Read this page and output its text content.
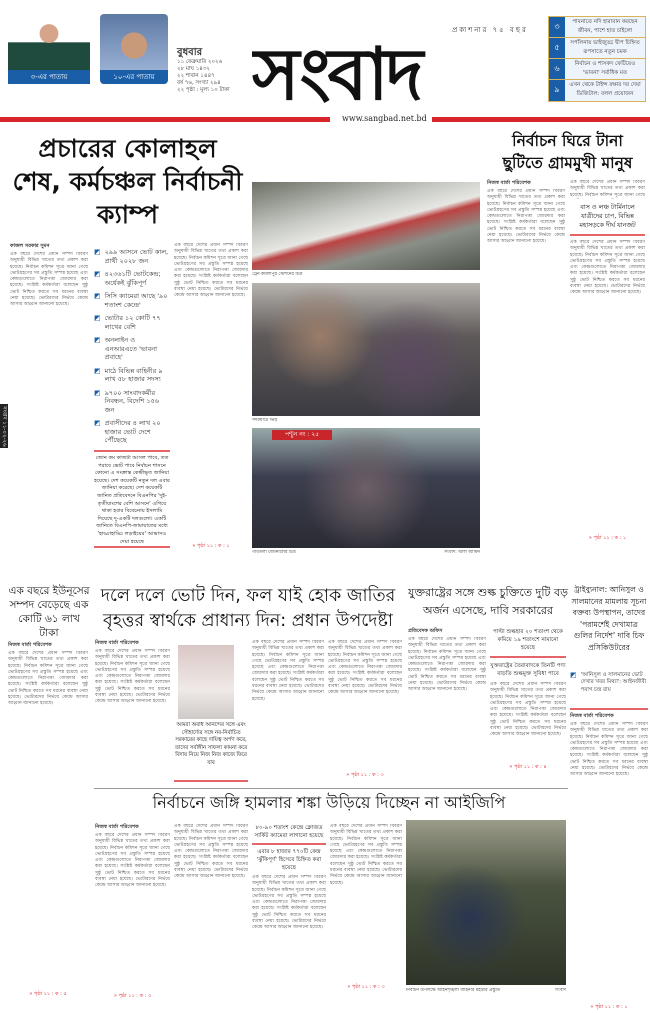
৩-এর পাতায়	১০-এর পাতায়
বুধবার
১১ ফেব্রুয়ারি ২০২৬
২৮ মাঘ ১৪৩২
২২ শাবান ১৪৪৭
বর্ষ ৭৬, সংখ্যা ২৯৪
২২ পৃষ্ঠা : মূল্য ১০ টাকা
প্রকাশনার ৭৫ বছর
সংবাদ
৩	পাবনাতে নদি হারাবান করছেন জীবন, পাশে হাত চাইলো
৫	সর্পলিনায় ভাইজুড্ড দ্বীপ চিহ্নিত রূপসাতে নতুন চমক
৬	নির্বাচন ও শাসকদ ফেটিয়েও 'ভাবনা' সর্বাধিক মত
৯	এখন থেকে টাইন্স রক্ষার দর দেয়া ডিজিটাল: বলল প্রয়োজন
www.sangbad.net.bd
প্রচারের কোলাহল শেষ, কর্মচঞ্চল নির্বাচনী ক্যাম্প
কাজল সরকার সুমন
এক বছরে দেশের প্রধান সম্পদ বিবরণ অনুযায়ী বিভিন্ন খাতের তথ্য প্রকাশ করা হয়েছে। নির্বাচন কমিশন সূত্রে জানা গেছে ভোটগ্রহণের সব প্রস্তুতি সম্পন্ন হয়েছে এবং কেন্দ্রগুলোতে নিরাপত্তা জোরদার করা হয়েছে। সংশ্লিষ্ট কর্মকর্তারা বলেছেন সুষ্ঠু ভোট নিশ্চিত করতে সব ধরনের ব্যবস্থা নেয়া হয়েছে। ভোটারদের নির্ভয়ে কেন্দ্রে আসার আহ্বান জানানো হয়েছে।
সংবাদ ১১-০২-২৬
◩ ২৯৯ আসনে ভোট কাল, প্রার্থী ২০২৮ জন
◩ ৪২৩৬১টি ভোটকেন্দ্র; অর্ধেকই ঝুঁকিপূর্ণ
◩ সিসি ক্যামেরা আছে '৯০ শতাংশ কেন্দ্রে'
◩ ভোটার ১২ কোটি ৭৭ লাখের বেশি
◩ অনলাইন ও এনআরএতে 'ভাবনা প্রবাহে'
◩ মাঠে বিভিন্ন বাহিনীর ৯ লাখ ৫৮ হাজার সদস্য
◩ ৯৭০০ সাংবাদকর্মীর নিবন্ধন, বিদেশি ১৫৬ জন
◩ প্রবাসীদের ৪ লাখ ২০ হাজার ভোট দেশে পৌঁছেছে
জোন কম কাজটা আসল পাবে, তত পরাবে ভোট পাবে নির্বাচন শাসনে কোনো এ সংক্রান্ত কেন্দ্রীভূত জানিয়া হয়েছে। দেশ কয়েকটি নতুন দল এবার জানিয়া করেছে। দেশ কয়েকটি জানিত প্রতিবেদনে বিএনপির 'দুই-তৃতীয়াংশের বেশি আসনে' এগিয়ে থাকা হবার বিবেচনায় ইসলামি দিয়েছে দু-একটি দলগুলো। একটি জানিতে বিএনপি-জামায়াতের মধ্যে 'হাড্ডাহাড্ডি লড়াইয়ের' আভাসও দেয়া হয়েছে
এক বছরে দেশের প্রধান সম্পদ বিবরণ অনুযায়ী বিভিন্ন খাতের তথ্য প্রকাশ করা হয়েছে। নির্বাচন কমিশন সূত্রে জানা গেছে ভোটগ্রহণের সব প্রস্তুতি সম্পন্ন হয়েছে এবং কেন্দ্রগুলোতে নিরাপত্তা জোরদার করা হয়েছে। সংশ্লিষ্ট কর্মকর্তারা বলেছেন সুষ্ঠু ভোট নিশ্চিত করতে সব ধরনের ব্যবস্থা নেয়া হয়েছে। ভোটারদের নির্ভয়ে কেন্দ্রে আসার আহ্বান জানানো হয়েছে।
» পৃষ্ঠা ১১ : ক : ১
ট্রেন কমলাপুর স্টেশনের চিত্র
সদরঘাটে ভিড়
পন্টুন নং : ২৫
গাবতলী টার্মিনালের চিত্র	সংবাদ: আল আমিন
নির্বাচন ঘিরে টানা ছুটিতে গ্রামমুখী মানুষ
নিজস্ব বার্তা পরিবেশক
এক বছরে দেশের প্রধান সম্পদ বিবরণ অনুযায়ী বিভিন্ন খাতের তথ্য প্রকাশ করা হয়েছে। নির্বাচন কমিশন সূত্রে জানা গেছে ভোটগ্রহণের সব প্রস্তুতি সম্পন্ন হয়েছে এবং কেন্দ্রগুলোতে নিরাপত্তা জোরদার করা হয়েছে। সংশ্লিষ্ট কর্মকর্তারা বলেছেন সুষ্ঠু ভোট নিশ্চিত করতে সব ধরনের ব্যবস্থা নেয়া হয়েছে। ভোটারদের নির্ভয়ে কেন্দ্রে আসার আহ্বান জানানো হয়েছে।
এক বছরে দেশের প্রধান সম্পদ বিবরণ অনুযায়ী বিভিন্ন খাতের তথ্য প্রকাশ করা হয়েছে। নির্বাচন কমিশন সূত্রে জানা গেছে
বাস ও লঞ্চ টার্মিনালে যাত্রীদের চাপ, বিভিন্ন মহাসড়কে দীর্ঘ যানজট
এক বছরে দেশের প্রধান সম্পদ বিবরণ অনুযায়ী বিভিন্ন খাতের তথ্য প্রকাশ করা হয়েছে। নির্বাচন কমিশন সূত্রে জানা গেছে ভোটগ্রহণের সব প্রস্তুতি সম্পন্ন হয়েছে এবং কেন্দ্রগুলোতে নিরাপত্তা জোরদার করা হয়েছে। সংশ্লিষ্ট কর্মকর্তারা বলেছেন সুষ্ঠু ভোট নিশ্চিত করতে সব ধরনের ব্যবস্থা নেয়া হয়েছে। ভোটারদের নির্ভয়ে কেন্দ্রে আসার আহ্বান জানানো হয়েছে।
» পৃষ্ঠা ১১ : ক : ১
এক বছরে ইউনূসের সম্পদ বেড়েছে এক কোটি ৬১ লাখ টাকা
নিজস্ব বার্তা পরিবেশক
এক বছরে দেশের প্রধান সম্পদ বিবরণ অনুযায়ী বিভিন্ন খাতের তথ্য প্রকাশ করা হয়েছে। নির্বাচন কমিশন সূত্রে জানা গেছে ভোটগ্রহণের সব প্রস্তুতি সম্পন্ন হয়েছে এবং কেন্দ্রগুলোতে নিরাপত্তা জোরদার করা হয়েছে। সংশ্লিষ্ট কর্মকর্তারা বলেছেন সুষ্ঠু ভোট নিশ্চিত করতে সব ধরনের ব্যবস্থা নেয়া হয়েছে। ভোটারদের নির্ভয়ে কেন্দ্রে আসার আহ্বান জানানো হয়েছে।
» পৃষ্ঠা ১১ : ক : ৫
দলে দলে ভোট দিন, ফল যাই হোক জাতির বৃহত্তর স্বার্থকে প্রাধান্য দিন: প্রধান উপদেষ্টা
নিজস্ব বার্তা পরিবেশক
এক বছরে দেশের প্রধান সম্পদ বিবরণ অনুযায়ী বিভিন্ন খাতের তথ্য প্রকাশ করা হয়েছে। নির্বাচন কমিশন সূত্রে জানা গেছে ভোটগ্রহণের সব প্রস্তুতি সম্পন্ন হয়েছে এবং কেন্দ্রগুলোতে নিরাপত্তা জোরদার করা হয়েছে। সংশ্লিষ্ট কর্মকর্তারা বলেছেন সুষ্ঠু ভোট নিশ্চিত করতে সব ধরনের ব্যবস্থা নেয়া হয়েছে। ভোটারদের নির্ভয়ে কেন্দ্রে আসার আহ্বান জানানো হয়েছে।
আমরা অবাধ আনন্দের সঙ্গে এবং সৌহার্দ্যের সঙ্গে নব-নির্বাচিত সরকারের কাছে দায়িত্ব অর্পণ করে, তাদের সর্বাঙ্গীন সাফল্য কামনা করে বিদায় নিয়ে নিজ নিজ কাজে ফিরে যাব
এক বছরে দেশের প্রধান সম্পদ বিবরণ অনুযায়ী বিভিন্ন খাতের তথ্য প্রকাশ করা হয়েছে। নির্বাচন কমিশন সূত্রে জানা গেছে ভোটগ্রহণের সব প্রস্তুতি সম্পন্ন হয়েছে এবং কেন্দ্রগুলোতে নিরাপত্তা জোরদার করা হয়েছে। সংশ্লিষ্ট কর্মকর্তারা বলেছেন সুষ্ঠু ভোট নিশ্চিত করতে সব ধরনের ব্যবস্থা নেয়া হয়েছে। ভোটারদের নির্ভয়ে কেন্দ্রে আসার আহ্বান জানানো হয়েছে।
এক বছরে দেশের প্রধান সম্পদ বিবরণ অনুযায়ী বিভিন্ন খাতের তথ্য প্রকাশ করা হয়েছে। নির্বাচন কমিশন সূত্রে জানা গেছে ভোটগ্রহণের সব প্রস্তুতি সম্পন্ন হয়েছে এবং কেন্দ্রগুলোতে নিরাপত্তা জোরদার করা হয়েছে। সংশ্লিষ্ট কর্মকর্তারা বলেছেন সুষ্ঠু ভোট নিশ্চিত করতে সব ধরনের ব্যবস্থা নেয়া হয়েছে। ভোটারদের নির্ভয়ে কেন্দ্রে আসার আহ্বান জানানো হয়েছে।
» পৃষ্ঠা ১১ : ক : ৩
যুক্তরাষ্ট্রের সঙ্গে শুল্ক চুক্তিতে দুটি বড় অর্জন এসেছে, দাবি সরকারের
প্রতিবেদক অফিস
এক বছরে দেশের প্রধান সম্পদ বিবরণ অনুযায়ী বিভিন্ন খাতের তথ্য প্রকাশ করা হয়েছে। নির্বাচন কমিশন সূত্রে জানা গেছে ভোটগ্রহণের সব প্রস্তুতি সম্পন্ন হয়েছে এবং কেন্দ্রগুলোতে নিরাপত্তা জোরদার করা হয়েছে। সংশ্লিষ্ট কর্মকর্তারা বলেছেন সুষ্ঠু ভোট নিশ্চিত করতে সব ধরনের ব্যবস্থা নেয়া হয়েছে। ভোটারদের নির্ভয়ে কেন্দ্রে আসার আহ্বান জানানো হয়েছে।
পাল্টা শুল্কহার ২০ শতাংশ থেকে কমিয়ে ১৯ শতাংশে নামানো হয়েছে
যুক্তরাষ্ট্রের তৈরাবাদকে তিনটি পণ্য বাড়তি শুল্কমুক্ত সুবিধা পাবে
এক বছরে দেশের প্রধান সম্পদ বিবরণ অনুযায়ী বিভিন্ন খাতের তথ্য প্রকাশ করা হয়েছে। নির্বাচন কমিশন সূত্রে জানা গেছে ভোটগ্রহণের সব প্রস্তুতি সম্পন্ন হয়েছে এবং কেন্দ্রগুলোতে নিরাপত্তা জোরদার করা হয়েছে। সংশ্লিষ্ট কর্মকর্তারা বলেছেন সুষ্ঠু ভোট নিশ্চিত করতে সব ধরনের ব্যবস্থা নেয়া হয়েছে। ভোটারদের নির্ভয়ে কেন্দ্রে আসার আহ্বান জানানো হয়েছে।
» পৃষ্ঠা ১১ : ক : ৪
ট্রাইব্যুনাল: আনিসুল ও সালমানের মামলায় সূচনা বক্তব্য উপস্থাপন, তাদের 'পরামর্শেই দেখামাত্র গুলির নির্দেশ' দাবি চিফ প্রসিকিউটরের
◩ 'আনিসুল ও সালমানের ভোট দেখার খবর মিথ্যা': আইনজীবী পরাগ চন্দ্র রায়
নিজস্ব বার্তা পরিবেশক
এক বছরে দেশের প্রধান সম্পদ বিবরণ অনুযায়ী বিভিন্ন খাতের তথ্য প্রকাশ করা হয়েছে। নির্বাচন কমিশন সূত্রে জানা গেছে ভোটগ্রহণের সব প্রস্তুতি সম্পন্ন হয়েছে এবং কেন্দ্রগুলোতে নিরাপত্তা জোরদার করা হয়েছে। সংশ্লিষ্ট কর্মকর্তারা বলেছেন সুষ্ঠু ভোট নিশ্চিত করতে সব ধরনের ব্যবস্থা নেয়া হয়েছে। ভোটারদের নির্ভয়ে কেন্দ্রে আসার আহ্বান জানানো হয়েছে।
» পৃষ্ঠা ১১ : ক : ১
নির্বাচনে জঙ্গি হামলার শঙ্কা উড়িয়ে দিচ্ছেন না আইজিপি
নিজস্ব বার্তা পরিবেশক
এক বছরে দেশের প্রধান সম্পদ বিবরণ অনুযায়ী বিভিন্ন খাতের তথ্য প্রকাশ করা হয়েছে। নির্বাচন কমিশন সূত্রে জানা গেছে ভোটগ্রহণের সব প্রস্তুতি সম্পন্ন হয়েছে এবং কেন্দ্রগুলোতে নিরাপত্তা জোরদার করা হয়েছে। সংশ্লিষ্ট কর্মকর্তারা বলেছেন সুষ্ঠু ভোট নিশ্চিত করতে সব ধরনের ব্যবস্থা নেয়া হয়েছে। ভোটারদের নির্ভয়ে কেন্দ্রে আসার আহ্বান জানানো হয়েছে।
» পৃষ্ঠা ১১ : ক : ৩
এক বছরে দেশের প্রধান সম্পদ বিবরণ অনুযায়ী বিভিন্ন খাতের তথ্য প্রকাশ করা হয়েছে। নির্বাচন কমিশন সূত্রে জানা গেছে ভোটগ্রহণের সব প্রস্তুতি সম্পন্ন হয়েছে এবং কেন্দ্রগুলোতে নিরাপত্তা জোরদার করা হয়েছে। সংশ্লিষ্ট কর্মকর্তারা বলেছেন সুষ্ঠু ভোট নিশ্চিত করতে সব ধরনের ব্যবস্থা নেয়া হয়েছে। ভোটারদের নির্ভয়ে কেন্দ্রে আসার আহ্বান জানানো হয়েছে।
৮০-৯০ শতাংশ কেন্দ্রে ক্লোজড সার্কিট ক্যামেরা লাগানো হয়েছে
এবার ৮ হাজার ৭৭০টি কেন্দ্র 'ঝুঁকিপূর্ণ' হিসেবে চিহ্নিত করা হয়েছে
এক বছরে দেশের প্রধান সম্পদ বিবরণ অনুযায়ী বিভিন্ন খাতের তথ্য প্রকাশ করা হয়েছে। নির্বাচন কমিশন সূত্রে জানা গেছে ভোটগ্রহণের সব প্রস্তুতি সম্পন্ন হয়েছে এবং কেন্দ্রগুলোতে নিরাপত্তা জোরদার করা হয়েছে। সংশ্লিষ্ট কর্মকর্তারা বলেছেন সুষ্ঠু ভোট নিশ্চিত করতে সব ধরনের ব্যবস্থা নেয়া হয়েছে। ভোটারদের নির্ভয়ে কেন্দ্রে আসার আহ্বান জানানো হয়েছে।
এক বছরে দেশের প্রধান সম্পদ বিবরণ অনুযায়ী বিভিন্ন খাতের তথ্য প্রকাশ করা হয়েছে। নির্বাচন কমিশন সূত্রে জানা গেছে ভোটগ্রহণের সব প্রস্তুতি সম্পন্ন হয়েছে এবং কেন্দ্রগুলোতে নিরাপত্তা জোরদার করা হয়েছে। সংশ্লিষ্ট কর্মকর্তারা বলেছেন সুষ্ঠু ভোট নিশ্চিত করতে সব ধরনের ব্যবস্থা নেয়া হয়েছে। ভোটারদের নির্ভয়ে কেন্দ্রে আসার আহ্বান জানানো হয়েছে।
» পৃষ্ঠা ১১ : ক : ৩
নির্বাচন উপলক্ষে আইনশৃঙ্খলা বাহিনীর মহড়ার প্রস্তুতি	সংবাদ
